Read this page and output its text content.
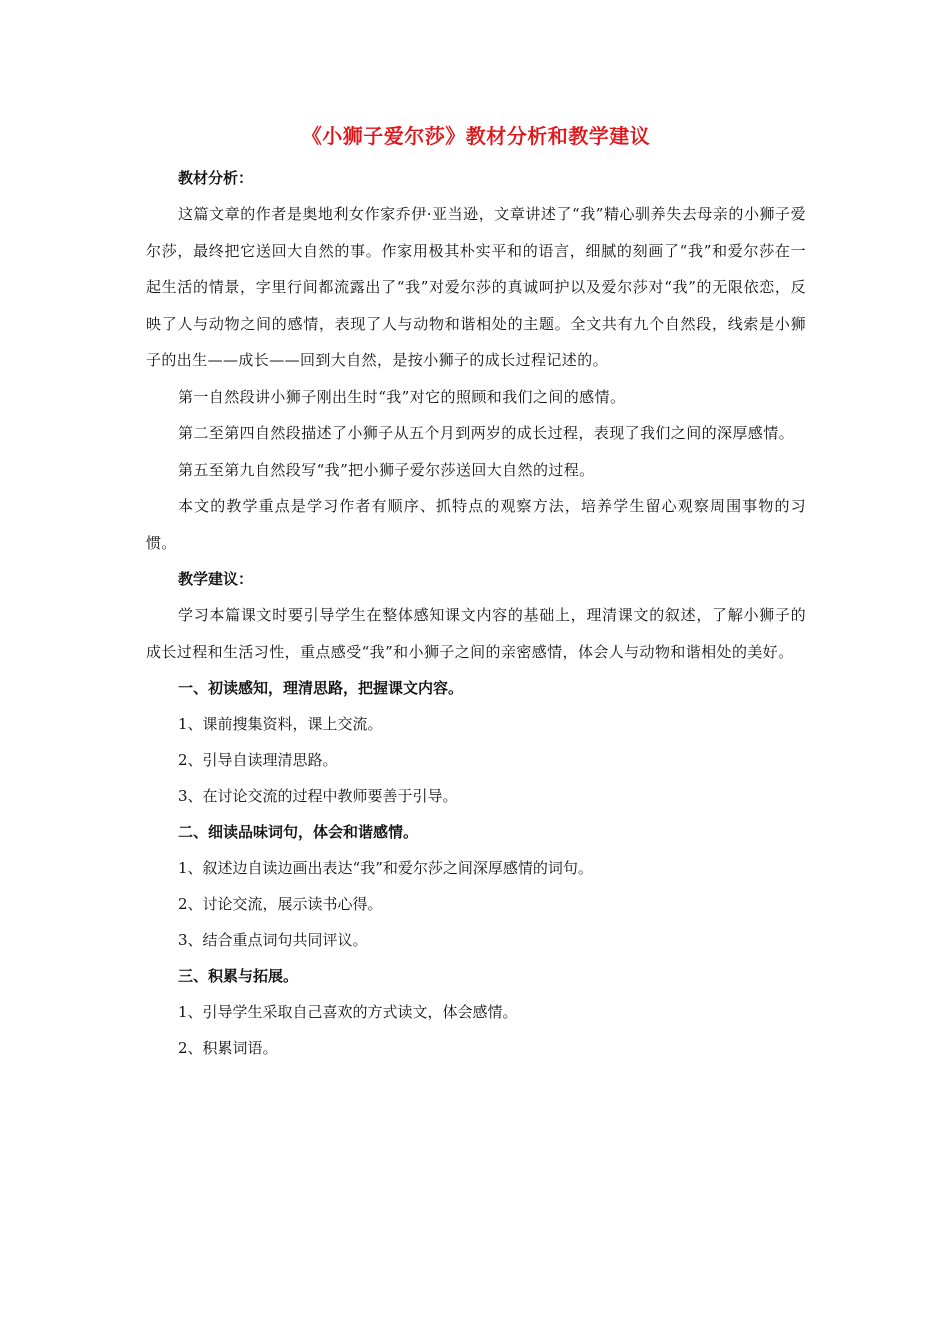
《小狮子爱尔莎》教材分析和教学建议

教材分析：

这篇文章的作者是奥地利女作家乔伊·亚当逊，文章讲述了“我”精心驯养失去母亲的小狮子爱尔莎，最终把它送回大自然的事。作家用极其朴实平和的语言，细腻的刻画了“我”和爱尔莎在一起生活的情景，字里行间都流露出了“我”对爱尔莎的真诚呵护以及爱尔莎对“我”的无限依恋，反映了人与动物之间的感情，表现了人与动物和谐相处的主题。全文共有九个自然段，线索是小狮子的出生——成长——回到大自然，是按小狮子的成长过程记述的。

第一自然段讲小狮子刚出生时“我”对它的照顾和我们之间的感情。

第二至第四自然段描述了小狮子从五个月到两岁的成长过程，表现了我们之间的深厚感情。

第五至第九自然段写“我”把小狮子爱尔莎送回大自然的过程。

本文的教学重点是学习作者有顺序、抓特点的观察方法，培养学生留心观察周围事物的习惯。

教学建议：

学习本篇课文时要引导学生在整体感知课文内容的基础上，理清课文的叙述，了解小狮子的成长过程和生活习性，重点感受“我”和小狮子之间的亲密感情，体会人与动物和谐相处的美好。

一、初读感知，理清思路，把握课文内容。

1、课前搜集资料，课上交流。

2、引导自读理清思路。

3、在讨论交流的过程中教师要善于引导。

二、细读品味词句，体会和谐感情。

1、叙述边自读边画出表达“我”和爱尔莎之间深厚感情的词句。

2、讨论交流，展示读书心得。

3、结合重点词句共同评议。

三、积累与拓展。

1、引导学生采取自己喜欢的方式读文，体会感情。

2、积累词语。
